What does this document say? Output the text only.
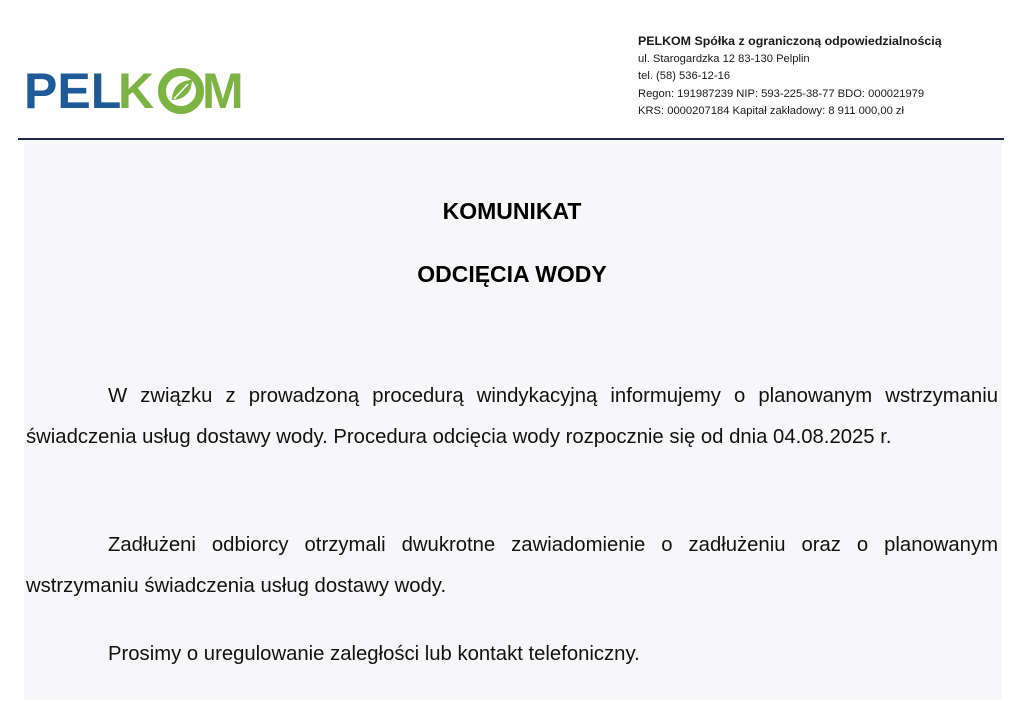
PEL
K M
PELKOM Spółka z ograniczoną odpowiedzialnością
ul. Starogardzka 12 83-130 Pelplin
tel. (58) 536-12-16
Regon: 191987239 NIP: 593-225-38-77 BDO: 000021979
KRS: 0000207184 Kapitał zakładowy: 8 911 000,00 zł
KOMUNIKAT
ODCIĘCIA WODY
W związku z prowadzoną procedurą windykacyjną informujemy o planowanym wstrzymaniu świadczenia usług dostawy wody. Procedura odcięcia wody rozpocznie się od dnia 04.08.2025 r.
Zadłużeni odbiorcy otrzymali dwukrotne zawiadomienie o zadłużeniu oraz o planowanym wstrzymaniu świadczenia usług dostawy wody.
Prosimy o uregulowanie zaległości lub kontakt telefoniczny.
